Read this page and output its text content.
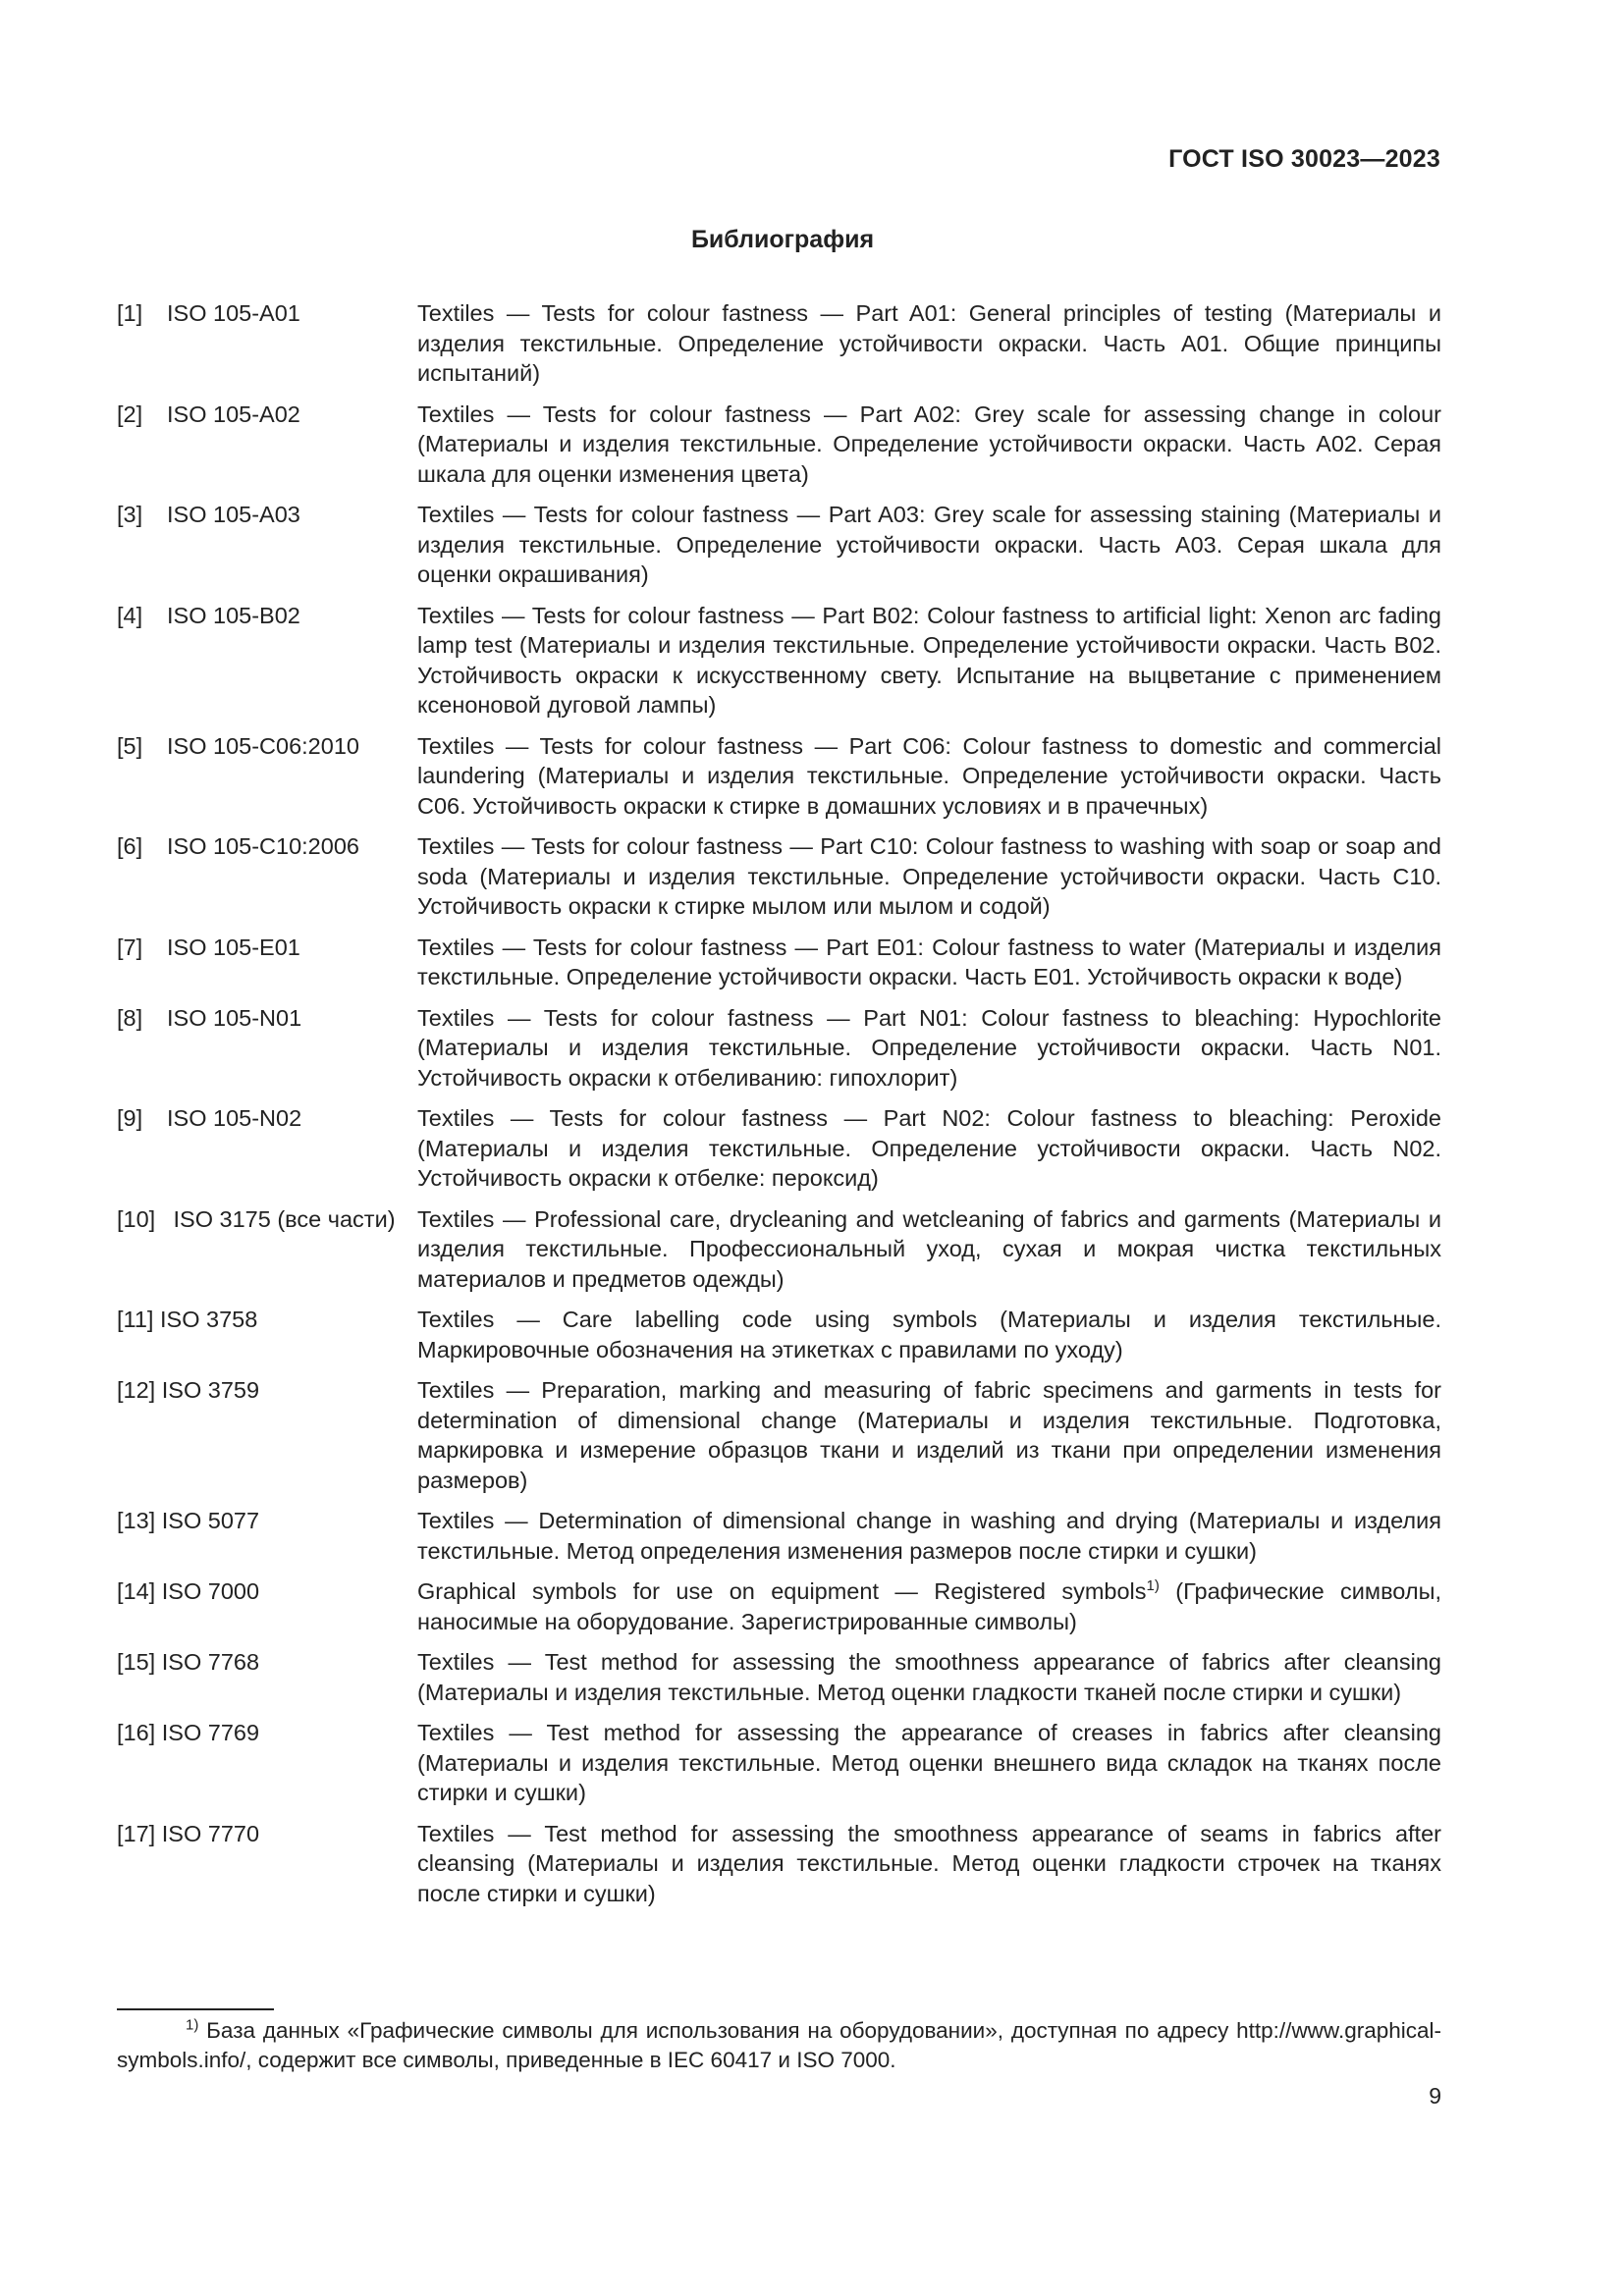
ГОСТ ISO 30023—2023
Библиография
[1] ISO 105-A01	Textiles — Tests for colour fastness — Part A01: General principles of testing (Материалы и изделия текстильные. Определение устойчивости окраски. Часть A01. Общие принципы испытаний)
[2] ISO 105-A02	Textiles — Tests for colour fastness — Part A02: Grey scale for assessing change in colour (Материалы и изделия текстильные. Определение устойчивости окраски. Часть A02. Серая шкала для оценки изменения цвета)
[3] ISO 105-A03	Textiles — Tests for colour fastness — Part A03: Grey scale for assessing staining (Материалы и изделия текстильные. Определение устойчивости окраски. Часть A03. Серая шкала для оценки окрашивания)
[4] ISO 105-B02	Textiles — Tests for colour fastness — Part B02: Colour fastness to artificial light: Xenon arc fading lamp test (Материалы и изделия текстильные. Определение устойчивости окраски. Часть B02. Устойчивость окраски к искусственному свету. Испытание на выцветание с применением ксеноновой дуговой лампы)
[5] ISO 105-C06:2010	Textiles — Tests for colour fastness — Part C06: Colour fastness to domestic and commercial laundering (Материалы и изделия текстильные. Определение устойчивости окраски. Часть C06. Устойчивость окраски к стирке в домашних условиях и в прачечных)
[6] ISO 105-C10:2006	Textiles — Tests for colour fastness — Part C10: Colour fastness to washing with soap or soap and soda (Материалы и изделия текстильные. Определение устойчивости окраски. Часть C10. Устойчивость окраски к стирке мылом или мылом и содой)
[7] ISO 105-E01	Textiles — Tests for colour fastness — Part E01: Colour fastness to water (Материалы и изделия текстильные. Определение устойчивости окраски. Часть E01. Устойчивость окраски к воде)
[8] ISO 105-N01	Textiles — Tests for colour fastness — Part N01: Colour fastness to bleaching: Hypochlorite (Материалы и изделия текстильные. Определение устойчивости окраски. Часть N01. Устойчивость окраски к отбеливанию: гипохлорит)
[9] ISO 105-N02	Textiles — Tests for colour fastness — Part N02: Colour fastness to bleaching: Peroxide (Материалы и изделия текстильные. Определение устойчивости окраски. Часть N02. Устойчивость окраски к отбелке: пероксид)
[10] ISO 3175 (все части) Textiles — Professional care, drycleaning and wetcleaning of fabrics and garments (Материалы и изделия текстильные. Профессиональный уход, сухая и мокрая чистка текстильных материалов и предметов одежды)
[11] ISO 3758	Textiles — Care labelling code using symbols (Материалы и изделия текстильные. Маркировочные обозначения на этикетках с правилами по уходу)
[12] ISO 3759	Textiles — Preparation, marking and measuring of fabric specimens and garments in tests for determination of dimensional change (Материалы и изделия текстильные. Подготовка, маркировка и измерение образцов ткани и изделий из ткани при определении изменения размеров)
[13] ISO 5077	Textiles — Determination of dimensional change in washing and drying (Материалы и изделия текстильные. Метод определения изменения размеров после стирки и сушки)
[14] ISO 7000	Graphical symbols for use on equipment — Registered symbols$^{1)}$ (Графические символы, наносимые на оборудование. Зарегистрированные символы)
[15] ISO 7768	Textiles — Test method for assessing the smoothness appearance of fabrics after cleansing (Материалы и изделия текстильные. Метод оценки гладкости тканей после стирки и сушки)
[16] ISO 7769	Textiles — Test method for assessing the appearance of creases in fabrics after cleansing (Материалы и изделия текстильные. Метод оценки внешнего вида складок на тканях после стирки и сушки)
[17] ISO 7770	Textiles — Test method for assessing the smoothness appearance of seams in fabrics after cleansing (Материалы и изделия текстильные. Метод оценки гладкости строчек на тканях после стирки и сушки)
$^{1)}$ База данных «Графические символы для использования на оборудовании», доступная по адресу http://www.graphical-symbols.info/, содержит все символы, приведенные в IEC 60417 и ISO 7000.
9
